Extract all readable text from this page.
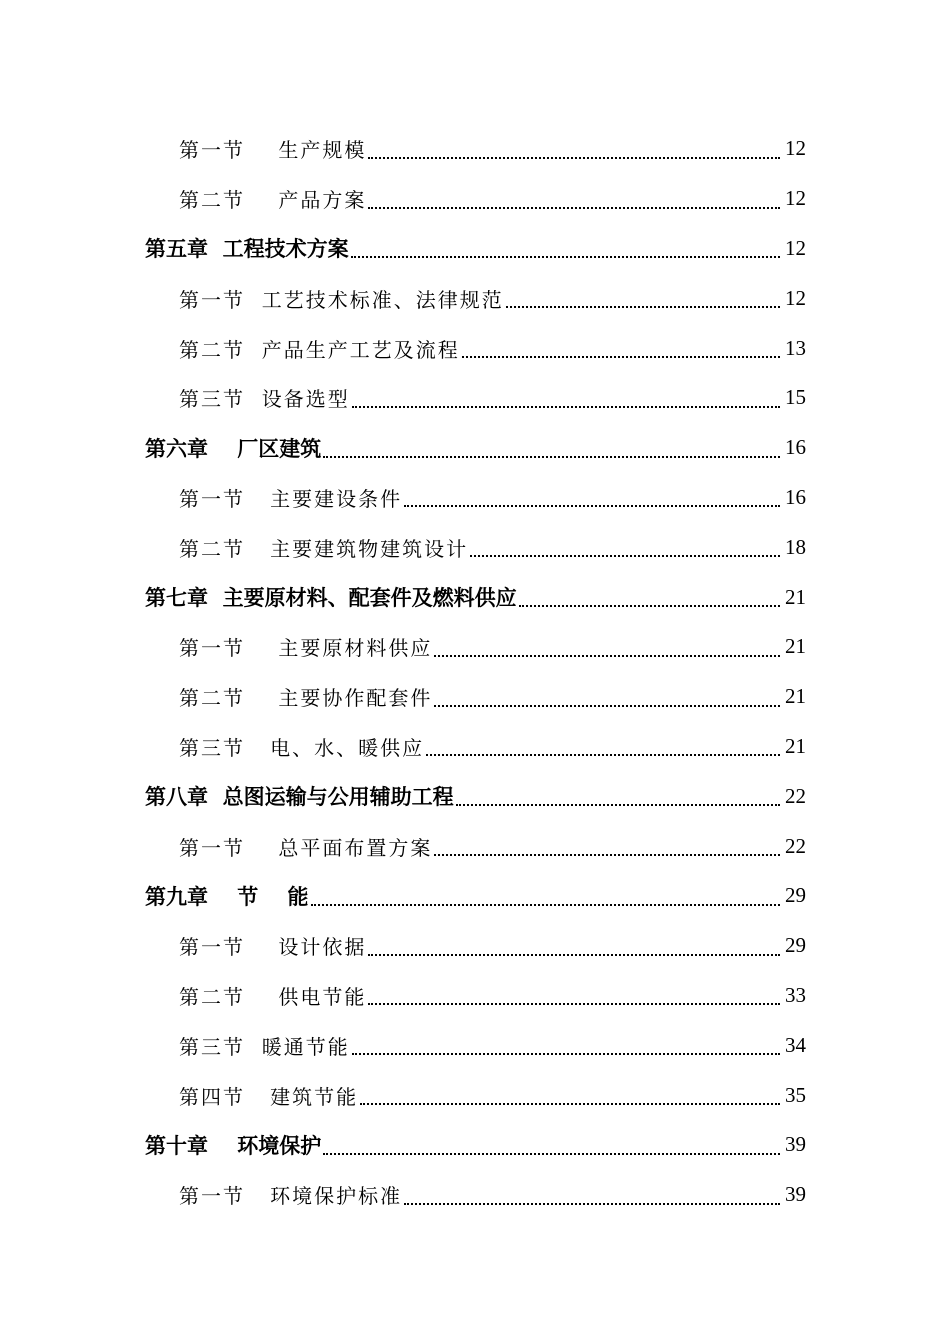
第一节    生产规模	12
第二节    产品方案	12
第五章  工程技术方案	12
第一节  工艺技术标准、法律规范	12
第二节  产品生产工艺及流程	13
第三节  设备选型	15
第六章    厂区建筑	16
第一节   主要建设条件	16
第二节   主要建筑物建筑设计	18
第七章  主要原材料、配套件及燃料供应	21
第一节    主要原材料供应	21
第二节    主要协作配套件	21
第三节   电、水、暖供应	21
第八章  总图运输与公用辅助工程	22
第一节    总平面布置方案	22
第九章    节    能	29
第一节    设计依据	29
第二节    供电节能	33
第三节  暖通节能	34
第四节   建筑节能	35
第十章    环境保护	39
第一节   环境保护标准	39
